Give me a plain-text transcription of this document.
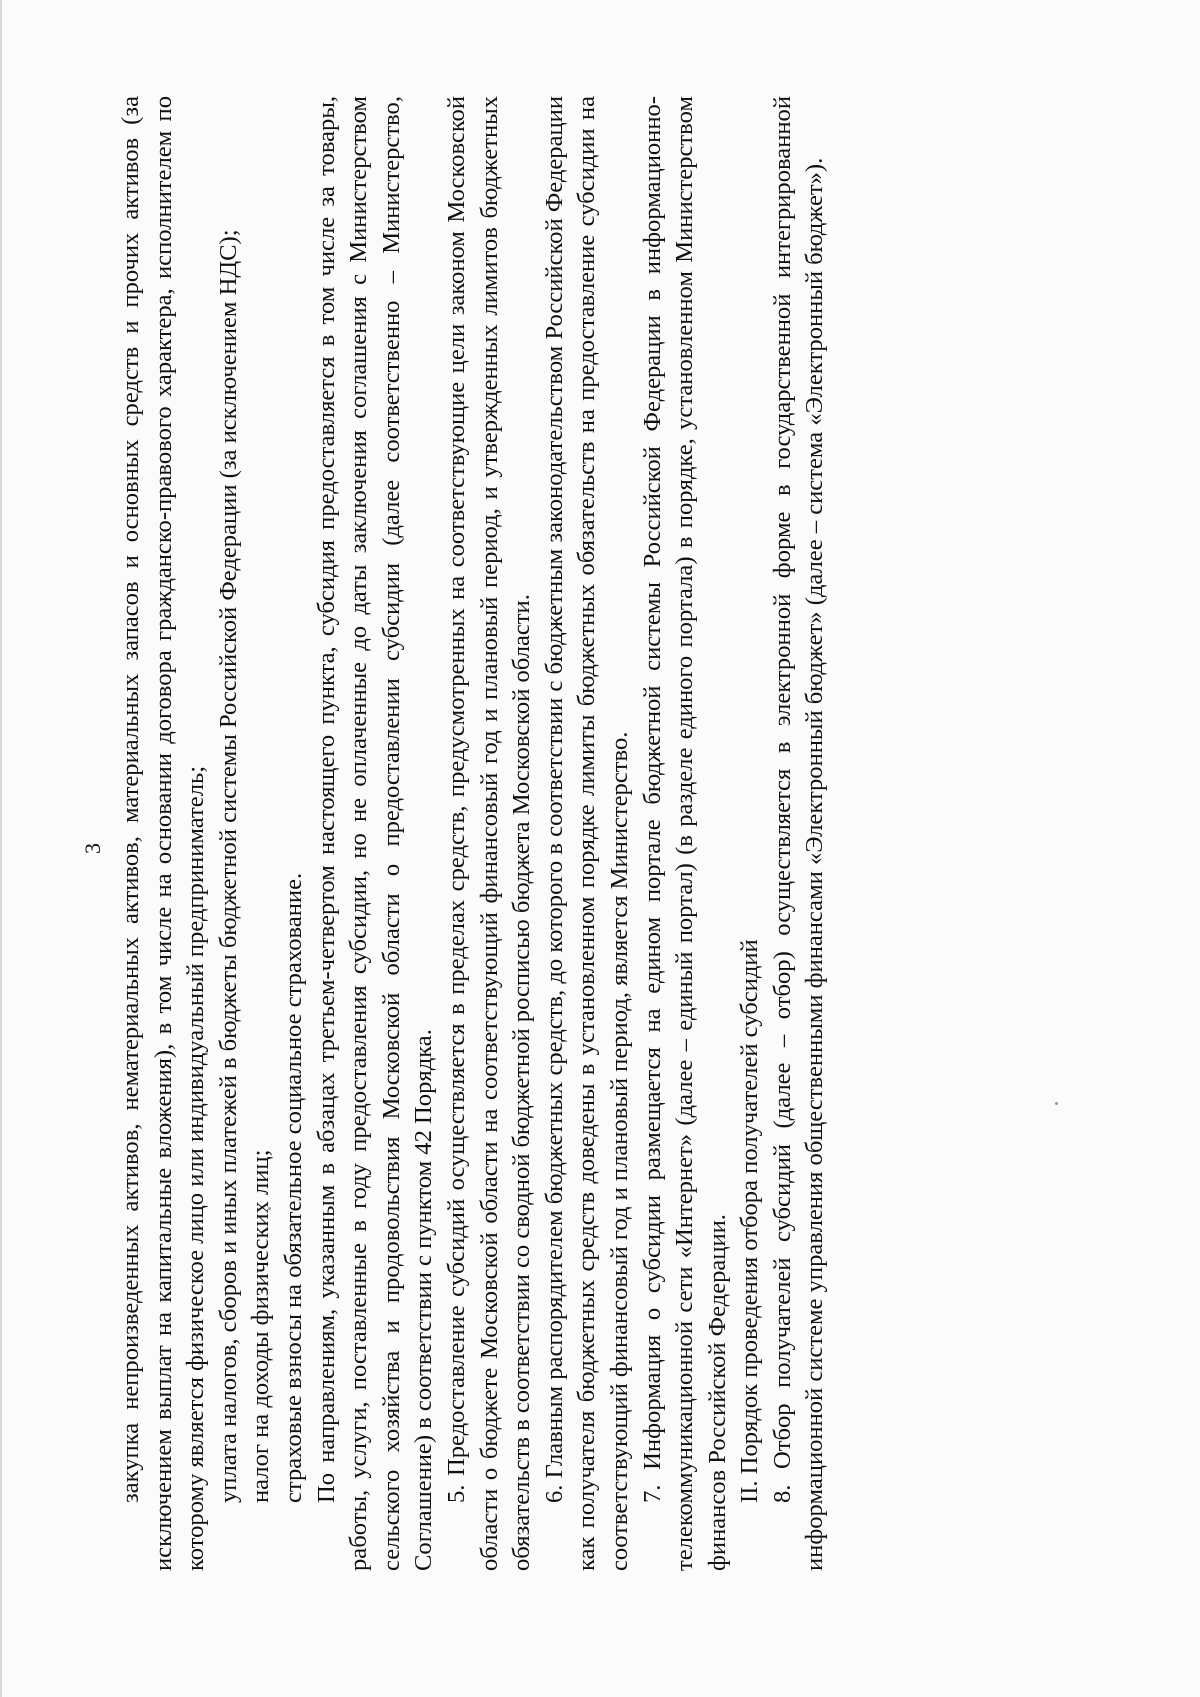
3 закупка непроизведенных активов, нематериальных активов, материальных запасов и основных средств и прочих активов (за исключением выплат на капитальные вложения), в том числе на основании договора гражданско-правового характера, исполнителем по которому является физическое лицо или индивидуальный предприниматель; уплата налогов, сборов и иных платежей в бюджеты бюджетной системы Российской Федерации (за исключением НДС); налог на доходы физических лиц; страховые взносы на обязательное социальное страхование. По направлениям, указанным в абзацах третьем-четвертом настоящего пункта, субсидия предоставляется в том числе за товары, работы, услуги, поставленные в году предоставления субсидии, но не оплаченные до даты заключения соглашения с Министерством сельского хозяйства и продовольствия Московской области о предоставлении субсидии (далее соответственно – Министерство, Соглашение) в соответствии с пунктом 42 Порядка. 5. Предоставление субсидий осуществляется в пределах средств, предусмотренных на соответствующие цели законом Московской области о бюджете Московской области на соответствующий финансовый год и плановый период, и утвержденных лимитов бюджетных обязательств в соответствии со сводной бюджетной росписью бюджета Московской области. 6. Главным распорядителем бюджетных средств, до которого в соответствии с бюджетным законодательством Российской Федерации как получателя бюджетных средств доведены в установленном порядке лимиты бюджетных обязательств на предоставление субсидии на соответствующий финансовый год и плановый период, является Министерство. 7. Информация о субсидии размещается на едином портале бюджетной системы Российской Федерации в информационно-телекоммуникационной сети «Интернет» (далее – единый портал) (в разделе единого портала) в порядке, установленном Министерством финансов Российской Федерации. II. Порядок проведения отбора получателей субсидий 8. Отбор получателей субсидий (далее – отбор) осуществляется в электронной форме в государственной интегрированной информационной системе управления общественными финансами «Электронный бюджет» (далее – система «Электронный бюджет»).
